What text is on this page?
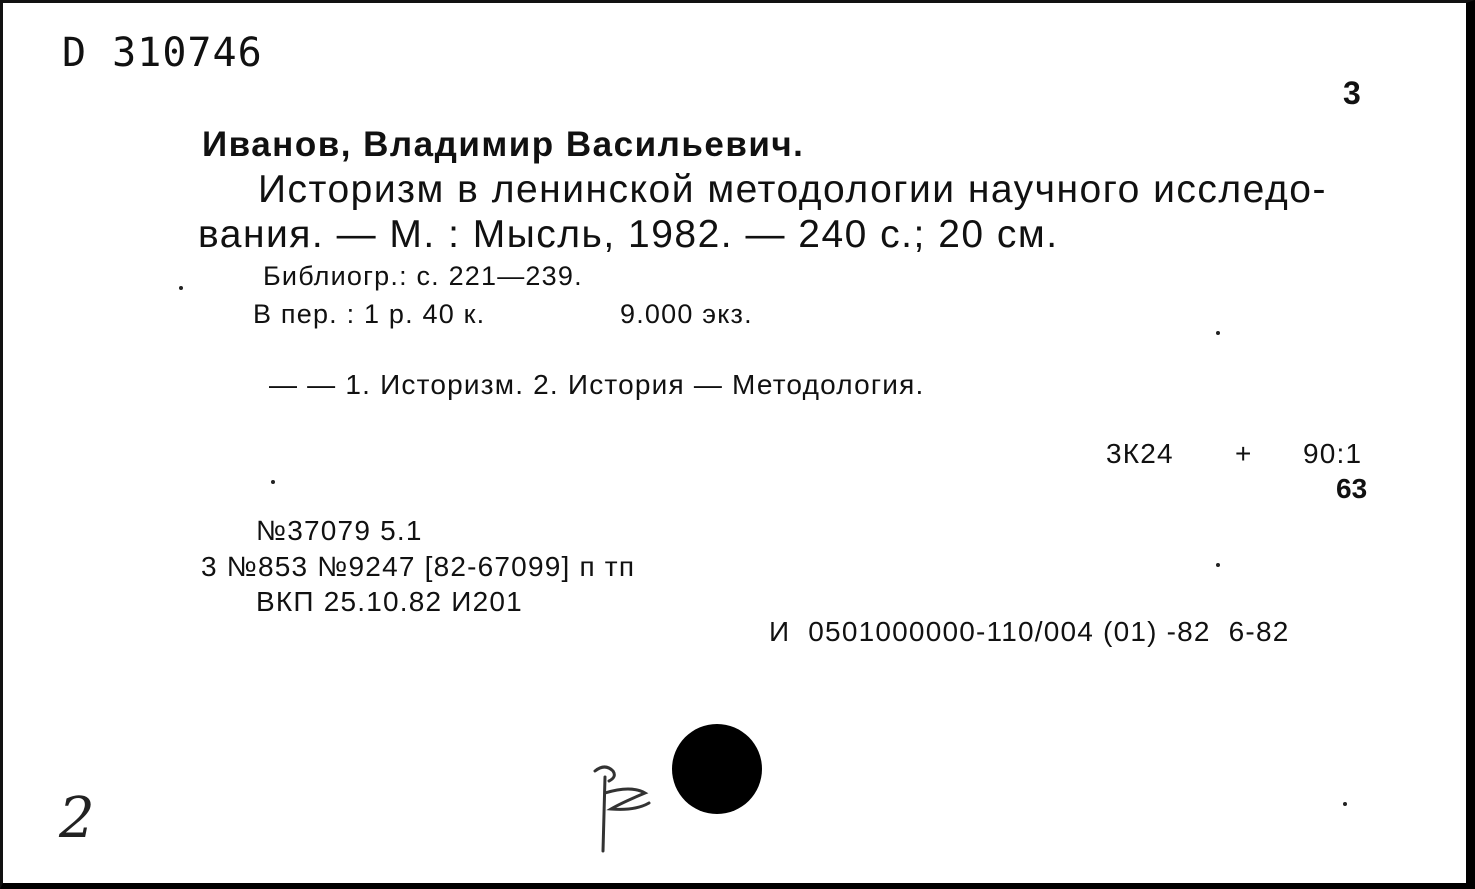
D 310746
3
Иванов, Владимир Васильевич.
Историзм в ленинской методологии научного исследо-
вания. — М. : Мысль, 1982. — 240 с.; 20 см.
Библиогр.: с. 221—239.
В пер. : 1 р. 40 к.	9.000 экз.
— — 1. Историзм. 2. История — Методология.
3К24 + 90:1
63
№37079 5.1
3 №853 №9247 [82-67099] п тп
ВКП 25.10.82 И201
И  0501000000-110/004 (01) -82  6-82
2
